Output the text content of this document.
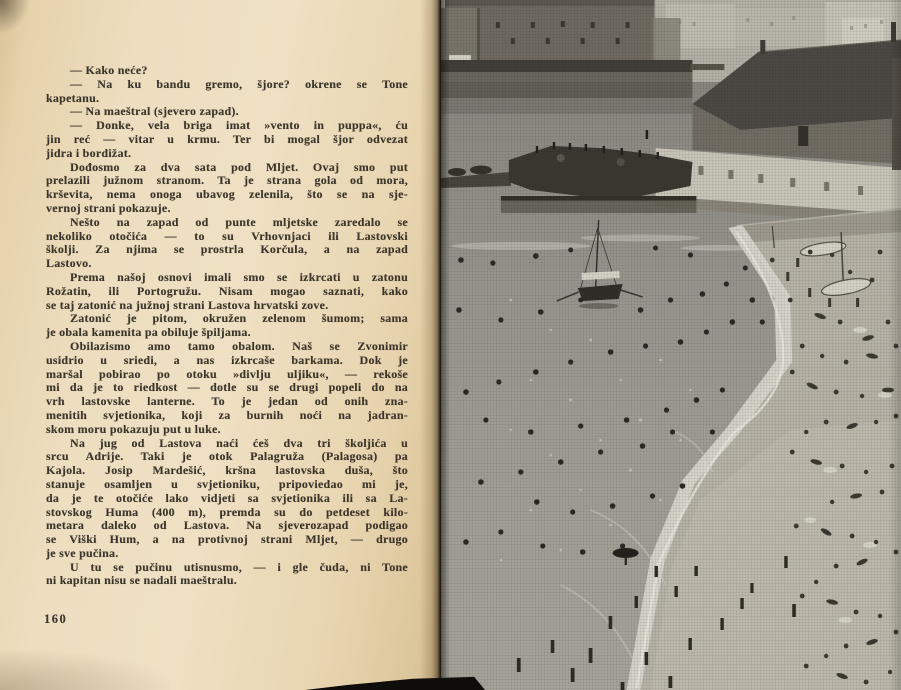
— Kako neće?
— Na ku bandu gremo, šjore? okrene se Tone
kapetanu.
— Na maeštral (sjevero zapad).
— Donke, vela briga imat »vento in puppa«, ću
jin reć — vitar u krmu. Ter bi mogal šjor odvezat
jidra i bordižat.
Dođosmo za dva sata pod Mljet. Ovaj smo put
prelazili južnom stranom. Ta je strana gola od mora,
krševita, nema onoga ubavog zelenila, što se na sje-
vernoj strani pokazuje.
Nešto na zapad od punte mljetske zaredalo se
nekoliko otočića — to su Vrhovnjaci ili Lastovski
školji. Za njima se prostrla Korčula, a na zapad
Lastovo.
Prema našoj osnovi imali smo se izkrcati u zatonu
Rožatin, ili Portogružu. Nisam mogao saznati, kako
se taj zatonić na južnoj strani Lastova hrvatski zove.
Zatonić je pitom, okružen zelenom šumom; sama
je obala kamenita pa obiluje špiljama.
Obilazismo amo tamo obalom. Naš se Zvonimir
usidrio u sriedi, a nas izkrcaše barkama. Dok je
maršal pobirao po otoku »divlju uljiku«, — rekoše
mi da je to riedkost — dotle su se drugi popeli do na
vrh lastovske lanterne. To je jedan od onih zna-
menitih svjetionika, koji za burnih noći na jadran-
skom moru pokazuju put u luke.
Na jug od Lastova naći ćeš dva tri školjića u
srcu Adrije. Taki je otok Palagruža (Palagosa) pa
Kajola. Josip Mardešić, kršna lastovska duša, što
stanuje osamljen u svjetioniku, pripoviedao mi je,
da je te otočiće lako vidjeti sa svjetionika ili sa La-
stovskog Huma (400 m), premda su do petdeset kilo-
metara daleko od Lastova. Na sjeverozapad podigao
se Viški Hum, a na protivnoj strani Mljet, — drugo
je sve pučina.
U tu se pučinu utisnusmo, — i gle čuda, ni Tone
ni kapitan nisu se nadali maeštralu.
160
